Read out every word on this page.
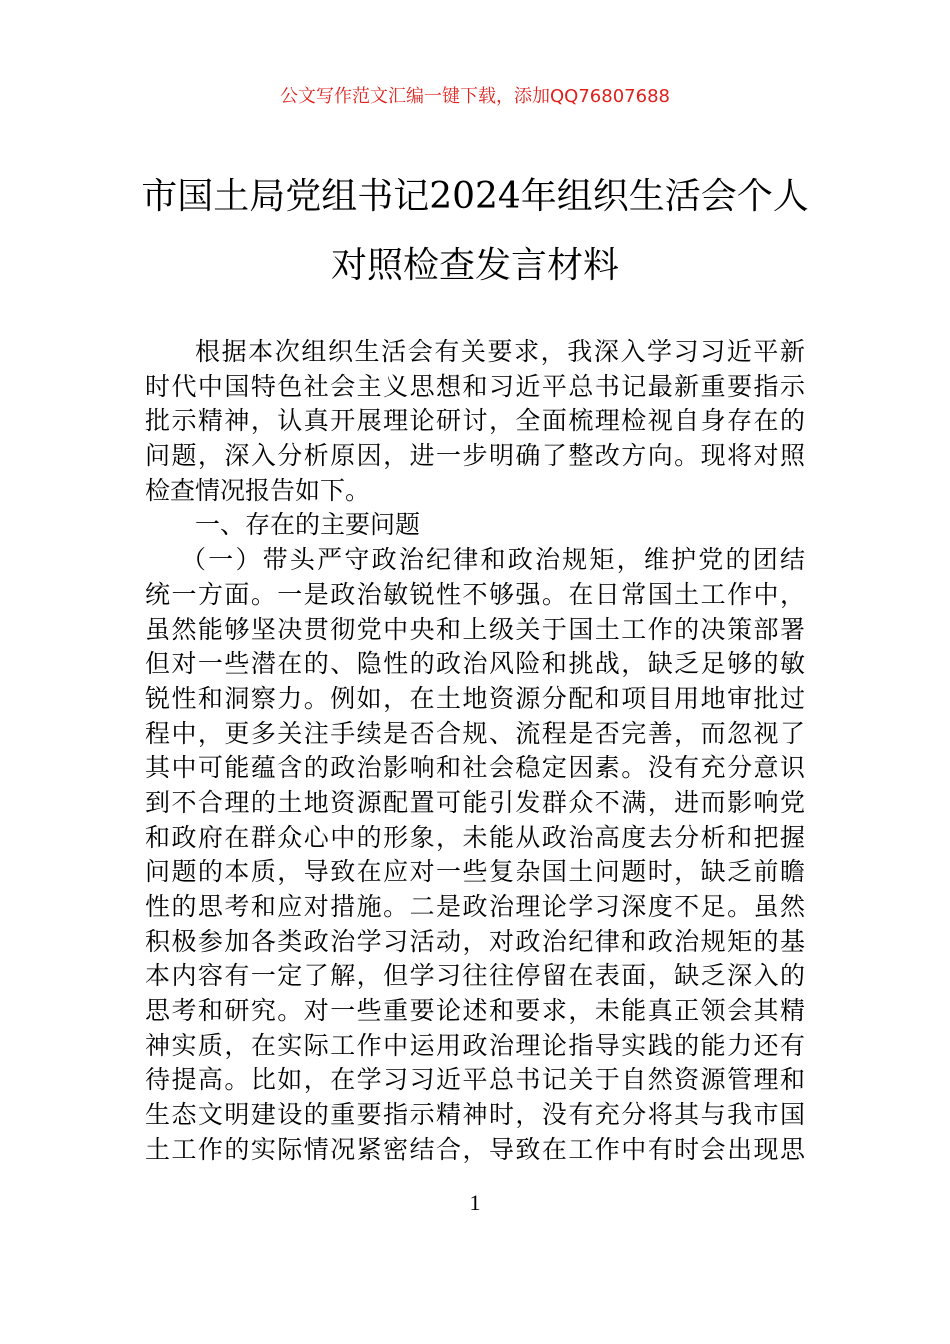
公文写作范文汇编一键下载，添加QQ76807688
市国土局党组书记2024年组织生活会个人
对照检查发言材料
根据本次组织生活会有关要求，我深入学习习近平新
时代中国特色社会主义思想和习近平总书记最新重要指示
批示精神，认真开展理论研讨，全面梳理检视自身存在的
问题，深入分析原因，进一步明确了整改方向。现将对照
检查情况报告如下。
一、存在的主要问题
（一）带头严守政治纪律和政治规矩，维护党的团结
统一方面。一是政治敏锐性不够强。在日常国土工作中，
虽然能够坚决贯彻党中央和上级关于国土工作的决策部署
但对一些潜在的、隐性的政治风险和挑战，缺乏足够的敏
锐性和洞察力。例如，在土地资源分配和项目用地审批过
程中，更多关注手续是否合规、流程是否完善，而忽视了
其中可能蕴含的政治影响和社会稳定因素。没有充分意识
到不合理的土地资源配置可能引发群众不满，进而影响党
和政府在群众心中的形象，未能从政治高度去分析和把握
问题的本质，导致在应对一些复杂国土问题时，缺乏前瞻
性的思考和应对措施。二是政治理论学习深度不足。虽然
积极参加各类政治学习活动，对政治纪律和政治规矩的基
本内容有一定了解，但学习往往停留在表面，缺乏深入的
思考和研究。对一些重要论述和要求，未能真正领会其精
神实质，在实际工作中运用政治理论指导实践的能力还有
待提高。比如，在学习习近平总书记关于自然资源管理和
生态文明建设的重要指示精神时，没有充分将其与我市国
土工作的实际情况紧密结合，导致在工作中有时会出现思
1
